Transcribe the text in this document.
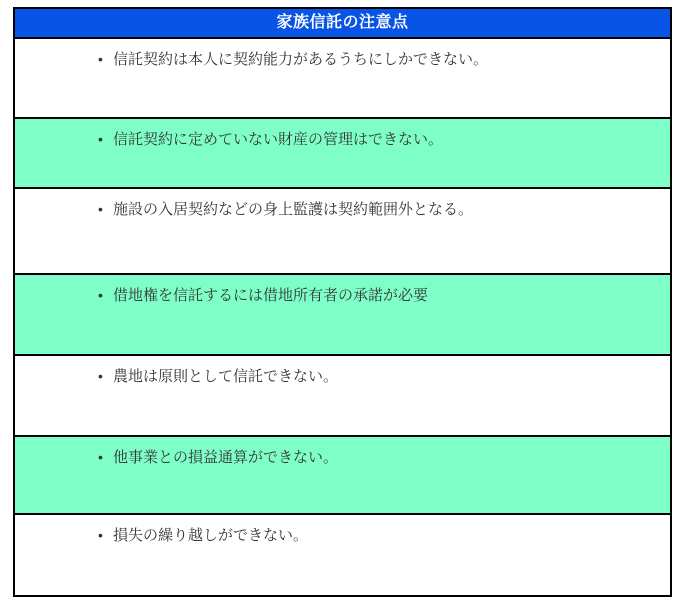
家族信託の注意点
• 信託契約は本人に契約能力があるうちにしかできない。
• 信託契約に定めていない財産の管理はできない。
• 施設の入居契約などの身上監護は契約範囲外となる。
• 借地権を信託するには借地所有者の承諾が必要
• 農地は原則として信託できない。
• 他事業との損益通算ができない。
• 損失の繰り越しができない。
